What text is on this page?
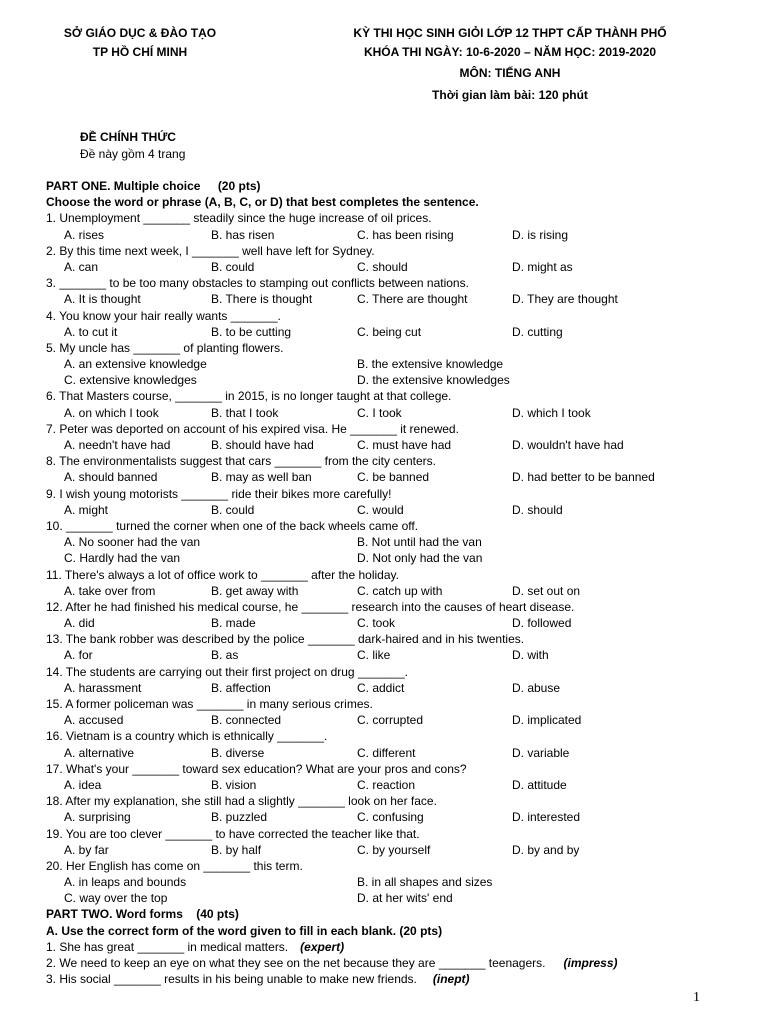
SỞ GIÁO DỤC & ĐÀO TẠO
TP HỒ CHÍ MINH
KỲ THI HỌC SINH GIỎI LỚP 12 THPT CẤP THÀNH PHỐ
KHÓA THI NGÀY: 10-6-2020 – NĂM HỌC: 2019-2020
MÔN: TIẾNG ANH
Thời gian làm bài: 120 phút
ĐỀ CHÍNH THỨC
Đề này gồm 4 trang
PART ONE. Multiple choice (20 pts)
Choose the word or phrase (A, B, C, or D) that best completes the sentence.
1. Unemployment _______ steadily since the huge increase of oil prices.
A. rises	B. has risen	C. has been rising	D. is rising
2. By this time next week, I _______ well have left for Sydney.
A. can	B. could	C. should	D. might as
3. _______ to be too many obstacles to stamping out conflicts between nations.
A. It is thought	B. There is thought	C. There are thought	D. They are thought
4. You know your hair really wants _______.
A. to cut it	B. to be cutting	C. being cut	D. cutting
5. My uncle has _______ of planting flowers.
A. an extensive knowledge	B. the extensive knowledge
C. extensive knowledges	D. the extensive knowledges
6. That Masters course, _______ in 2015, is no longer taught at that college.
A. on which I took	B. that I took	C. I took	D. which I took
7. Peter was deported on account of his expired visa. He _______ it renewed.
A. needn't have had	B. should have had	C. must have had	D. wouldn't have had
8. The environmentalists suggest that cars _______ from the city centers.
A. should banned	B. may as well ban	C. be banned	D. had better to be banned
9. I wish young motorists _______ ride their bikes more carefully!
A. might	B. could	C. would	D. should
10. _______ turned the corner when one of the back wheels came off.
A. No sooner had the van	B. Not until had the van
C. Hardly had the van	D. Not only had the van
11. There's always a lot of office work to _______ after the holiday.
A. take over from	B. get away with	C. catch up with	D. set out on
12. After he had finished his medical course, he _______ research into the causes of heart disease.
A. did	B. made	C. took	D. followed
13. The bank robber was described by the police _______ dark-haired and in his twenties.
A. for	B. as	C. like	D. with
14. The students are carrying out their first project on drug _______.
A. harassment	B. affection	C. addict	D. abuse
15. A former policeman was _______ in many serious crimes.
A. accused	B. connected	C. corrupted	D. implicated
16. Vietnam is a country which is ethnically _______.
A. alternative	B. diverse	C. different	D. variable
17. What's your _______ toward sex education? What are your pros and cons?
A. idea	B. vision	C. reaction	D. attitude
18. After my explanation, she still had a slightly _______ look on her face.
A. surprising	B. puzzled	C. confusing	D. interested
19. You are too clever _______ to have corrected the teacher like that.
A. by far	B. by half	C. by yourself	D. by and by
20. Her English has come on _______ this term.
A. in leaps and bounds	B. in all shapes and sizes
C. way over the top	D. at her wits' end
PART TWO. Word forms (40 pts)
A. Use the correct form of the word given to fill in each blank. (20 pts)
1. She has great _______ in medical matters. (expert)
2. We need to keep an eye on what they see on the net because they are _______ teenagers. (impress)
3. His social _______ results in his being unable to make new friends. (inept)
1
